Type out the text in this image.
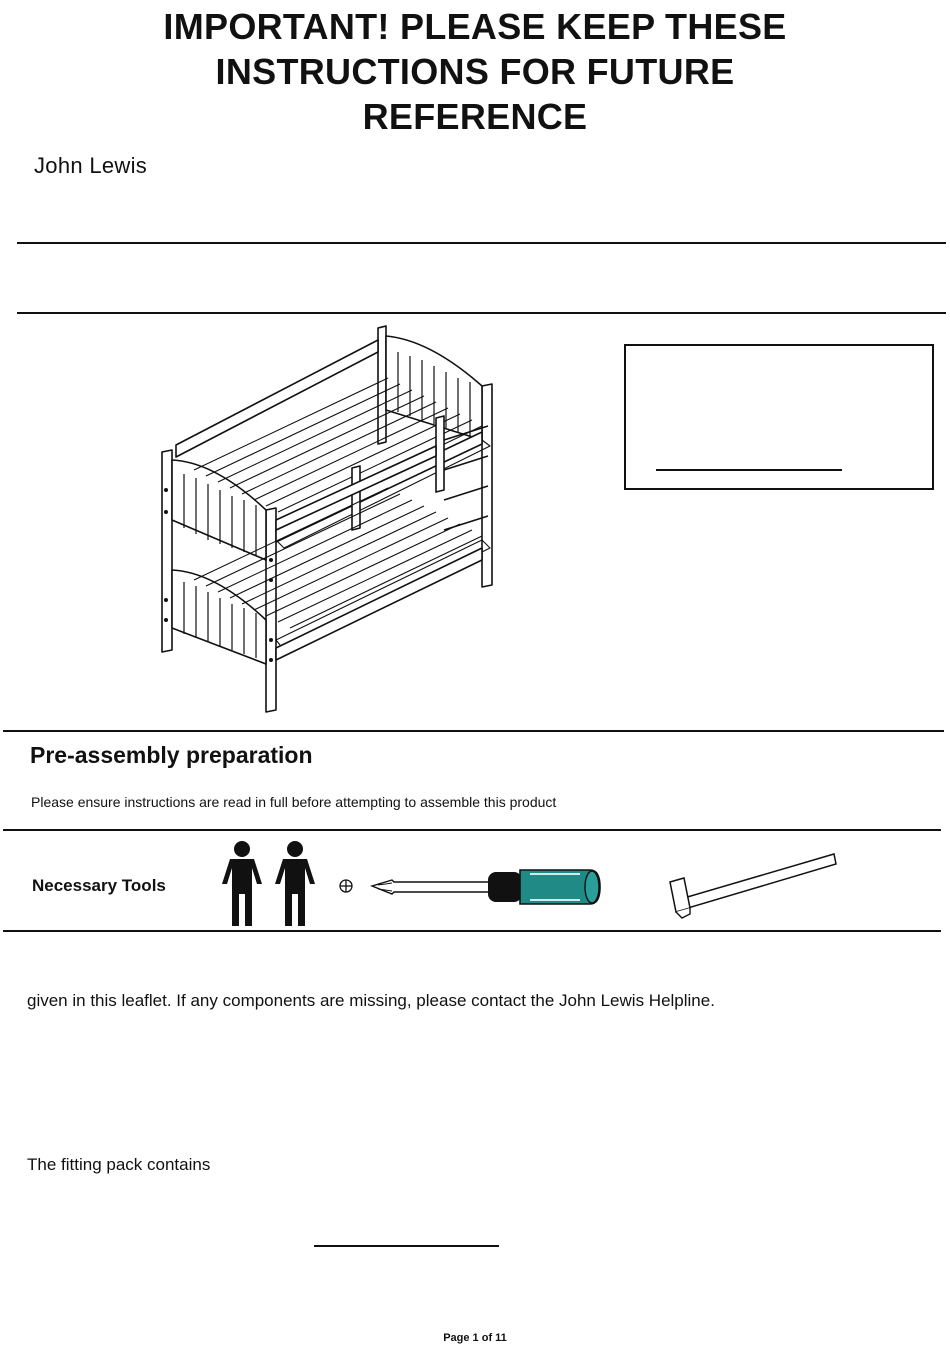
IMPORTANT! PLEASE KEEP THESE
INSTRUCTIONS FOR FUTURE
REFERENCE
John Lewis
Pre-assembly preparation
Please ensure instructions are read in full before attempting to assemble this product
Necessary Tools
given in this leaflet. If any components are missing, please contact the John Lewis Helpline.
The fitting pack contains
Page 1 of 11
